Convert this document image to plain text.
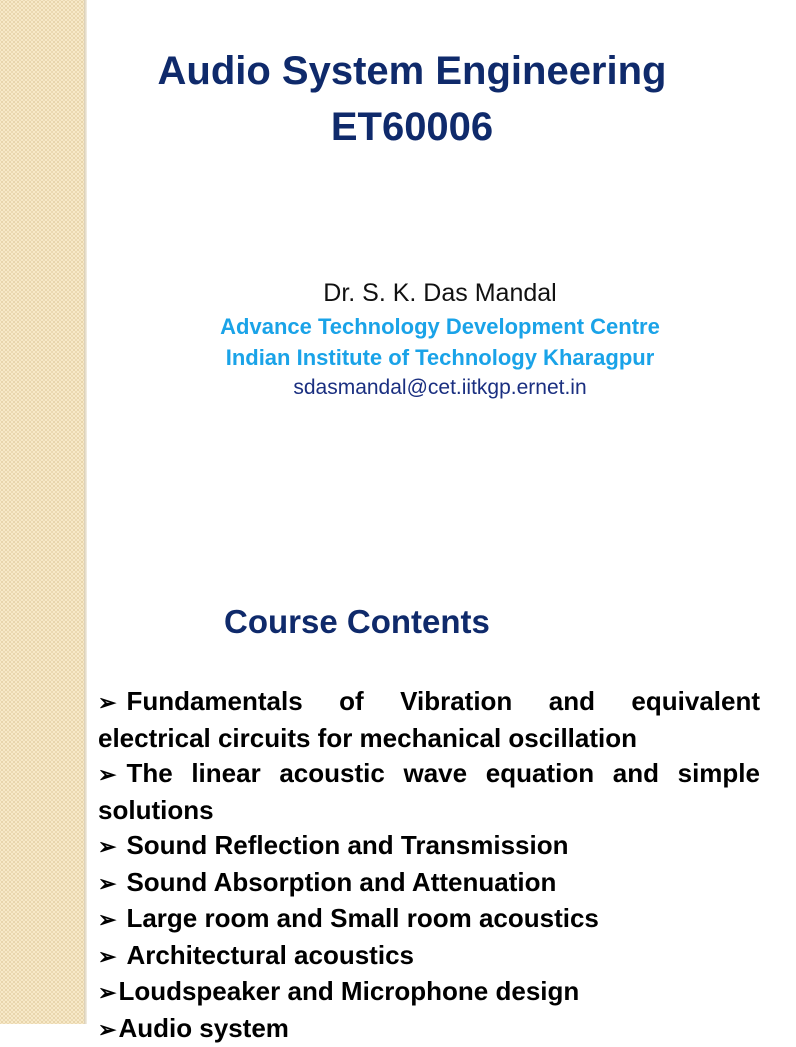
Audio System Engineering
ET60006

Dr. S. K. Das Mandal

Advance Technology Development Centre

Indian Institute of Technology Kharagpur

sdasmandal@cet.iitkgp.ernet.in

Course Contents
➢ Fundamentals of Vibration and equivalent electrical circuits for mechanical oscillation
➢ The linear acoustic wave equation and simple solutions
➢ Sound Reflection and Transmission
➢ Sound Absorption and Attenuation
➢ Large room and Small room acoustics
➢ Architectural acoustics
➢Loudspeaker and Microphone design
➢Audio system
